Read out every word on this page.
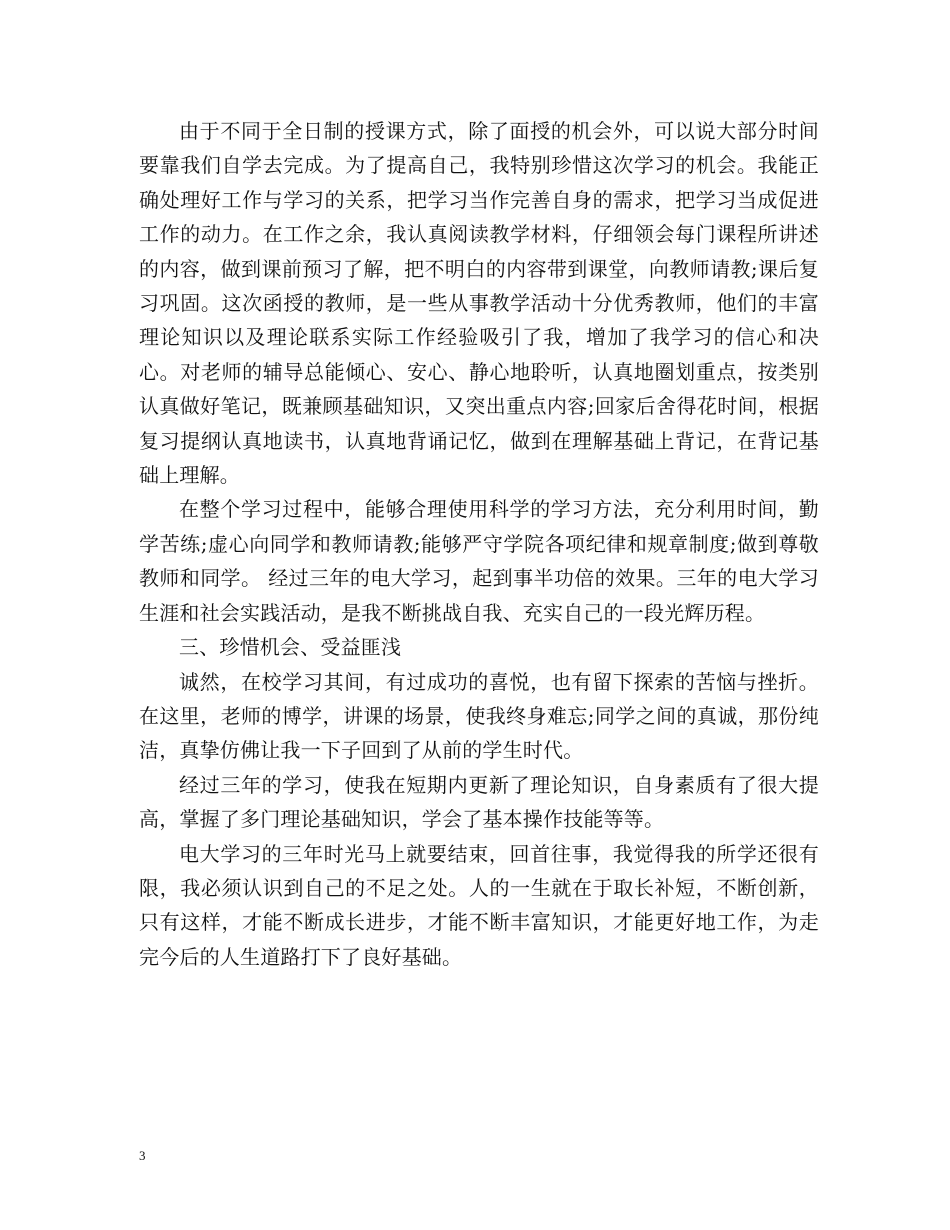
由于不同于全日制的授课方式，除了面授的机会外，可以说大部分时间要靠我们自学去完成。为了提高自己，我特别珍惜这次学习的机会。我能正确处理好工作与学习的关系，把学习当作完善自身的需求，把学习当成促进工作的动力。在工作之余，我认真阅读教学材料，仔细领会每门课程所讲述的内容，做到课前预习了解，把不明白的内容带到课堂，向教师请教;课后复习巩固。这次函授的教师，是一些从事教学活动十分优秀教师，他们的丰富理论知识以及理论联系实际工作经验吸引了我，增加了我学习的信心和决心。对老师的辅导总能倾心、安心、静心地聆听，认真地圈划重点，按类别认真做好笔记，既兼顾基础知识，又突出重点内容;回家后舍得花时间，根据复习提纲认真地读书，认真地背诵记忆，做到在理解基础上背记，在背记基础上理解。

在整个学习过程中，能够合理使用科学的学习方法，充分利用时间，勤学苦练;虚心向同学和教师请教;能够严守学院各项纪律和规章制度;做到尊敬教师和同学。 经过三年的电大学习，起到事半功倍的效果。三年的电大学习生涯和社会实践活动，是我不断挑战自我、充实自己的一段光辉历程。

三、珍惜机会、受益匪浅

诚然，在校学习其间，有过成功的喜悦，也有留下探索的苦恼与挫折。在这里，老师的博学，讲课的场景，使我终身难忘;同学之间的真诚，那份纯洁，真挚仿佛让我一下子回到了从前的学生时代。

经过三年的学习，使我在短期内更新了理论知识，自身素质有了很大提高，掌握了多门理论基础知识，学会了基本操作技能等等。

电大学习的三年时光马上就要结束，回首往事，我觉得我的所学还很有限，我必须认识到自己的不足之处。人的一生就在于取长补短，不断创新，只有这样，才能不断成长进步，才能不断丰富知识，才能更好地工作，为走完今后的人生道路打下了良好基础。

3
